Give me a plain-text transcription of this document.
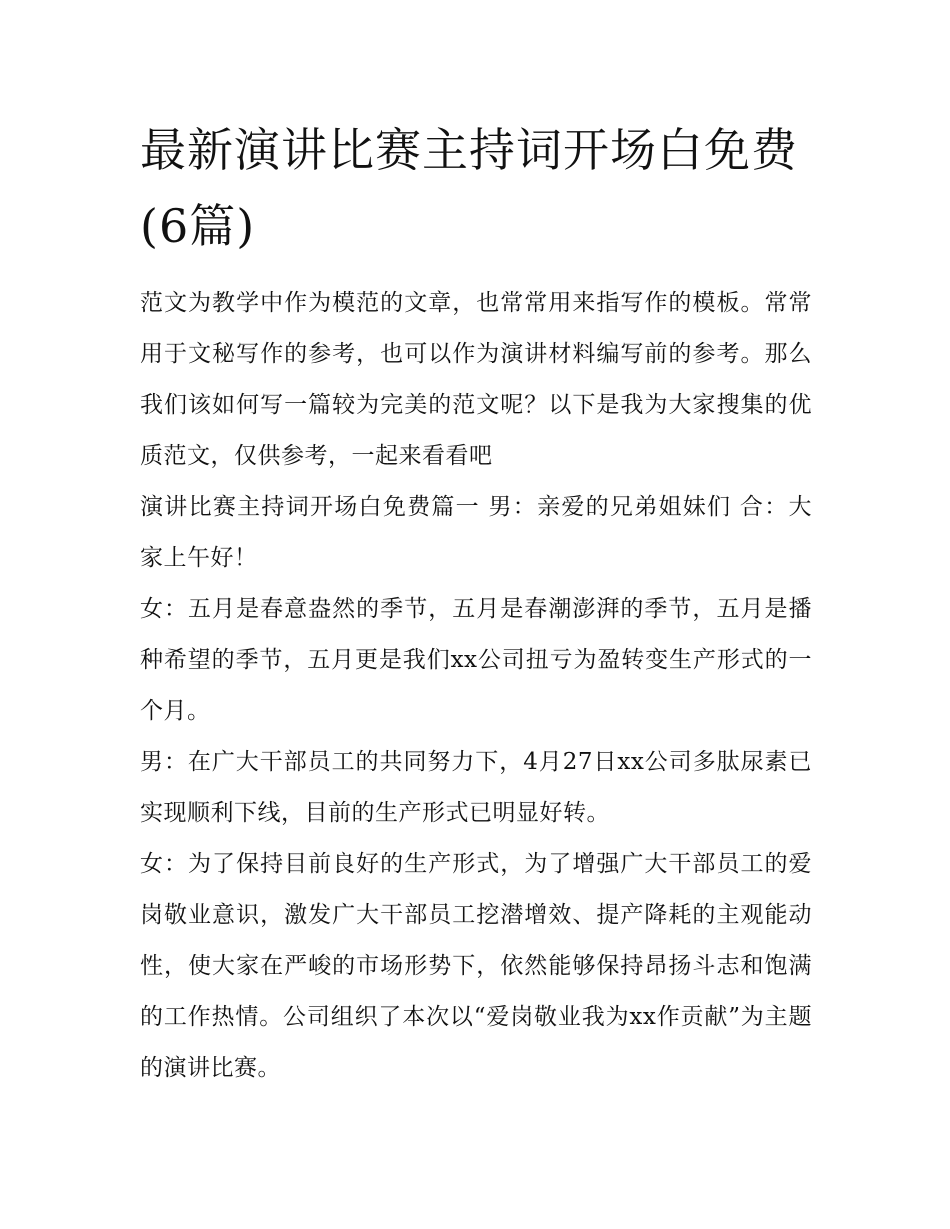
最新演讲比赛主持词开场白免费(6篇)

范文为教学中作为模范的文章，也常常用来指写作的模板。常常用于文秘写作的参考，也可以作为演讲材料编写前的参考。那么我们该如何写一篇较为完美的范文呢？以下是我为大家搜集的优质范文，仅供参考，一起来看看吧

演讲比赛主持词开场白免费篇一 男：亲爱的兄弟姐妹们 合：大家上午好！

女：五月是春意盎然的季节，五月是春潮澎湃的季节，五月是播种希望的季节，五月更是我们xx公司扭亏为盈转变生产形式的一个月。

男：在广大干部员工的共同努力下，4月27日xx公司多肽尿素已实现顺利下线，目前的生产形式已明显好转。

女：为了保持目前良好的生产形式，为了增强广大干部员工的爱岗敬业意识，激发广大干部员工挖潜增效、提产降耗的主观能动性，使大家在严峻的市场形势下，依然能够保持昂扬斗志和饱满的工作热情。公司组织了本次以“爱岗敬业我为xx作贡献”为主题的演讲比赛。
